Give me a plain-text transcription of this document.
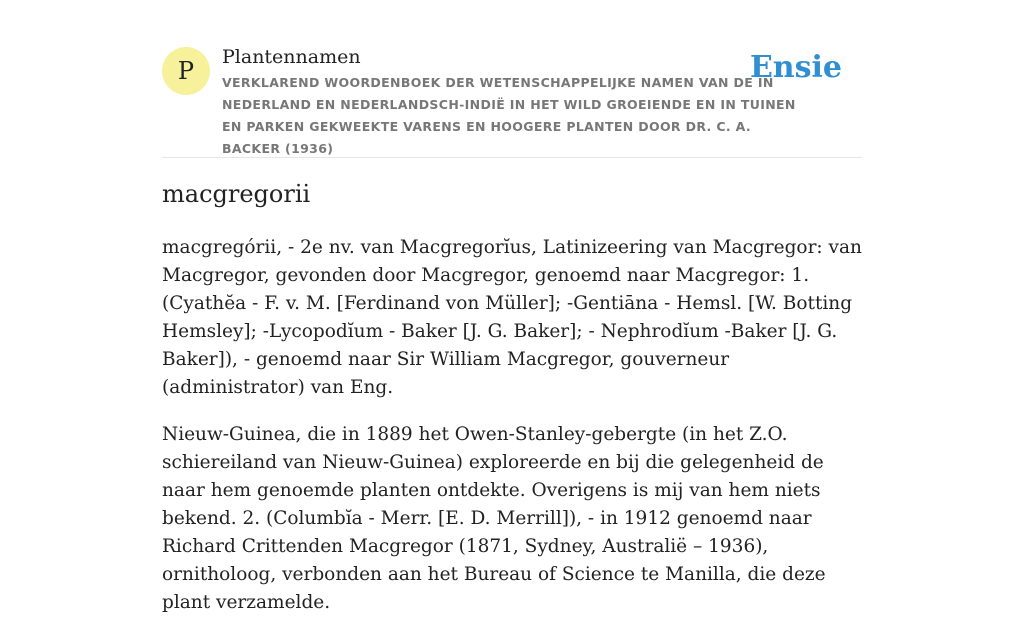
P Plantennamen

VERKLAREND WOORDENBOEK DER WETENSCHAPPELIJKE NAMEN VAN DE IN NEDERLAND EN NEDERLANDSCH-INDIË IN HET WILD GROEIENDE EN IN TUINEN EN PARKEN GEKWEEKTE VARENS EN HOOGERE PLANTEN DOOR DR. C. A. BACKER (1936)

Ensie
macgregorii

macgregórii, - 2e nv. van Macgregorĭus, Latinizeering van Macgregor: van Macgregor, gevonden door Macgregor, genoemd naar Macgregor: 1. (Cyathĕa - F. v. M. [Ferdinand von Müller]; -Gentiāna - Hemsl. [W. Botting Hemsley]; -Lycopodĭum - Baker [J. G. Baker]; - Nephrodĭum -Baker [J. G. Baker]), - genoemd naar Sir William Macgregor, gouverneur (administrator) van Eng.

Nieuw-Guinea, die in 1889 het Owen-Stanley-gebergte (in het Z.O. schiereiland van Nieuw-Guinea) exploreerde en bij die gelegenheid de naar hem genoemde planten ontdekte. Overigens is mij van hem niets bekend. 2. (Columbĭa - Merr. [E. D. Merrill]), - in 1912 genoemd naar Richard Crittenden Macgregor (1871, Sydney, Australië – 1936), ornitholoog, verbonden aan het Bureau of Science te Manilla, die deze plant verzamelde.
